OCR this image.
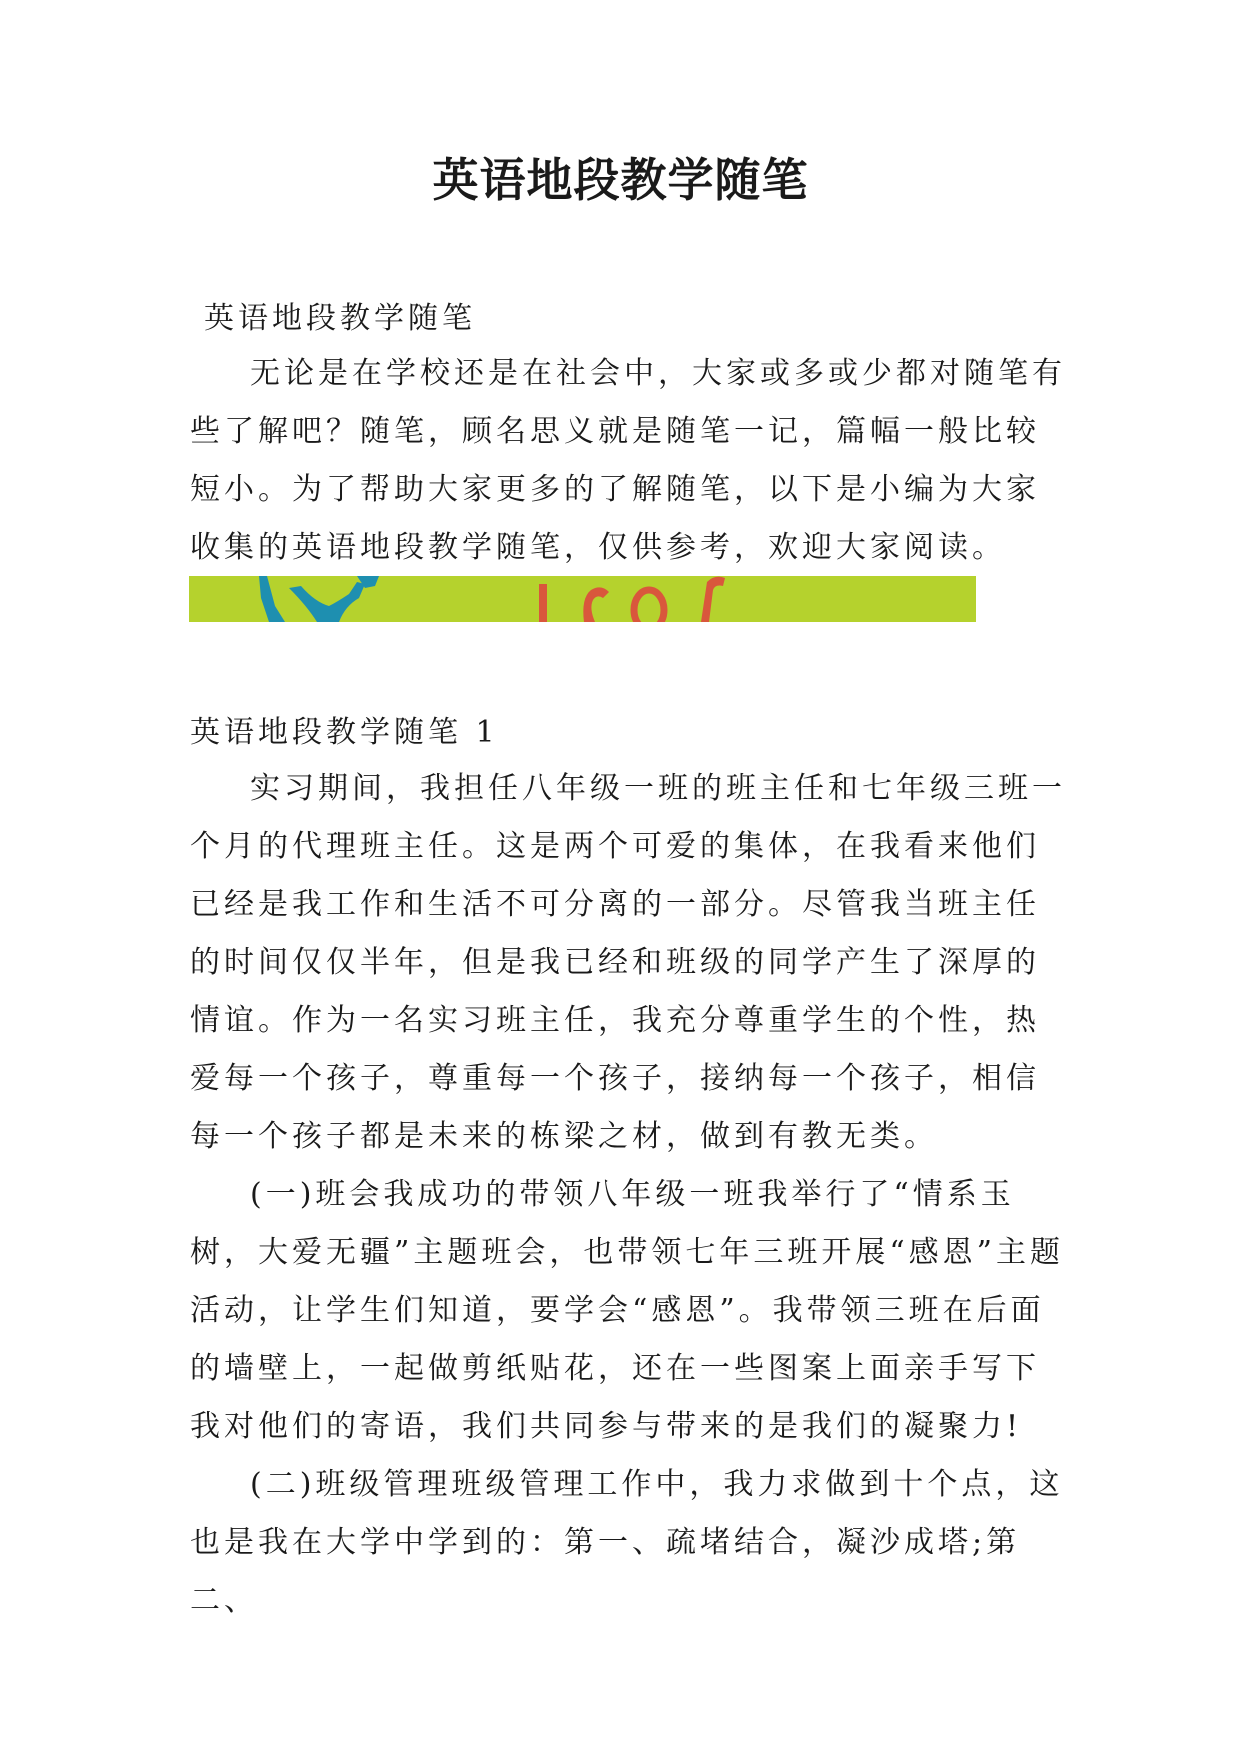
英语地段教学随笔
英语地段教学随笔

无论是在学校还是在社会中，大家或多或少都对随笔有些了解吧？随笔，顾名思义就是随笔一记，篇幅一般比较短小。为了帮助大家更多的了解随笔，以下是小编为大家收集的英语地段教学随笔，仅供参考，欢迎大家阅读。

英语地段教学随笔 1

实习期间，我担任八年级一班的班主任和七年级三班一个月的代理班主任。这是两个可爱的集体，在我看来他们已经是我工作和生活不可分离的一部分。尽管我当班主任的时间仅仅半年，但是我已经和班级的同学产生了深厚的情谊。作为一名实习班主任，我充分尊重学生的个性，热爱每一个孩子，尊重每一个孩子，接纳每一个孩子，相信每一个孩子都是未来的栋梁之材，做到有教无类。

(一)班会我成功的带领八年级一班我举行了“情系玉树，大爱无疆”主题班会，也带领七年三班开展“感恩”主题活动，让学生们知道，要学会“感恩”。我带领三班在后面的墙壁上，一起做剪纸贴花，还在一些图案上面亲手写下我对他们的寄语，我们共同参与带来的是我们的凝聚力!

(二)班级管理班级管理工作中，我力求做到十个点，这也是我在大学中学到的：第一、疏堵结合，凝沙成塔;第二、
